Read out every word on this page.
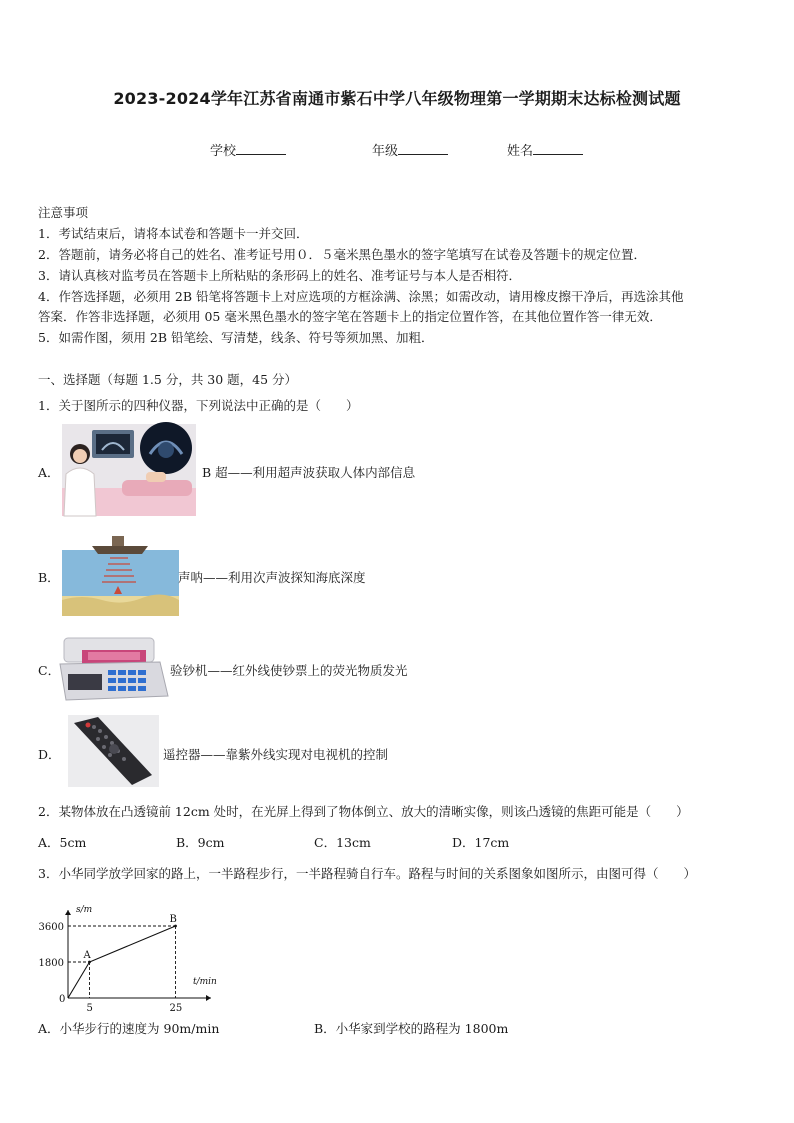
2023-2024学年江苏省南通市紫石中学八年级物理第一学期期末达标检测试题
学校	年级	姓名
注意事项
1．考试结束后，请将本试卷和答题卡一并交回．
2．答题前，请务必将自己的姓名、准考证号用０．５毫米黑色墨水的签字笔填写在试卷及答题卡的规定位置．
3．请认真核对监考员在答题卡上所粘贴的条形码上的姓名、准考证号与本人是否相符．
4．作答选择题，必须用 2B 铅笔将答题卡上对应选项的方框涂满、涂黑；如需改动，请用橡皮擦干净后，再选涂其他
答案．作答非选择题，必须用 05 毫米黑色墨水的签字笔在答题卡上的指定位置作答，在其他位置作答一律无效．
5．如需作图，须用 2B 铅笔绘、写清楚，线条、符号等须加黑、加粗．
一、选择题（每题 1.5 分，共 30 题，45 分）
1．关于图所示的四种仪器，下列说法中正确的是（　　）
A．	B 超——利用超声波获取人体内部信息
B．	声呐——利用次声波探知海底深度
C．	验钞机——红外线使钞票上的荧光物质发光
D．	遥控器——靠紫外线实现对电视机的控制
2．某物体放在凸透镜前 12cm 处时，在光屏上得到了物体倒立、放大的清晰实像，则该凸透镜的焦距可能是（　　）
A．5cm	B．9cm	C．13cm	D．17cm
3．小华同学放学回家的路上，一半路程步行，一半路程骑自行车。路程与时间的关系图象如图所示，由图可得（　　）
s/m
t/min
0
A
B
5	25
1800
3600
A．小华步行的速度为 90m/min	B．小华家到学校的路程为 1800m
